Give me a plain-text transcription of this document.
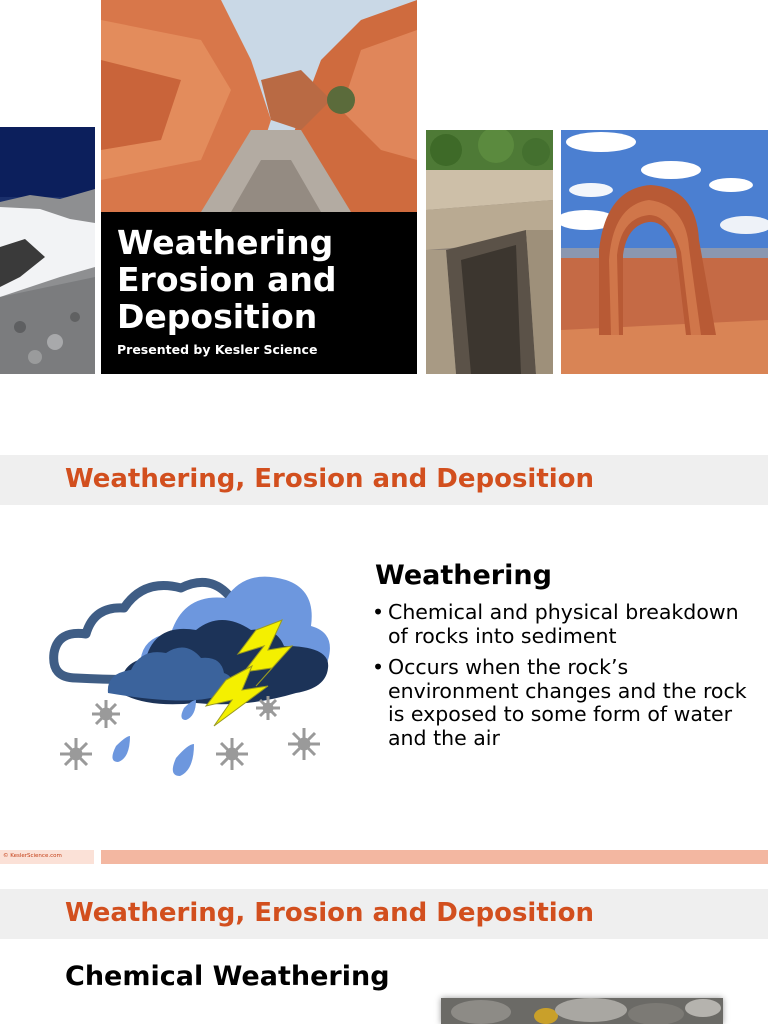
Weathering Erosion and Deposition
Presented by Kesler Science
Weathering, Erosion and Deposition
Weathering
• Chemical and physical breakdown of rocks into sediment
• Occurs when the rock’s environment changes and the rock is exposed to some form of water and the air
© KeslerScience.com
Weathering, Erosion and Deposition
Chemical Weathering
